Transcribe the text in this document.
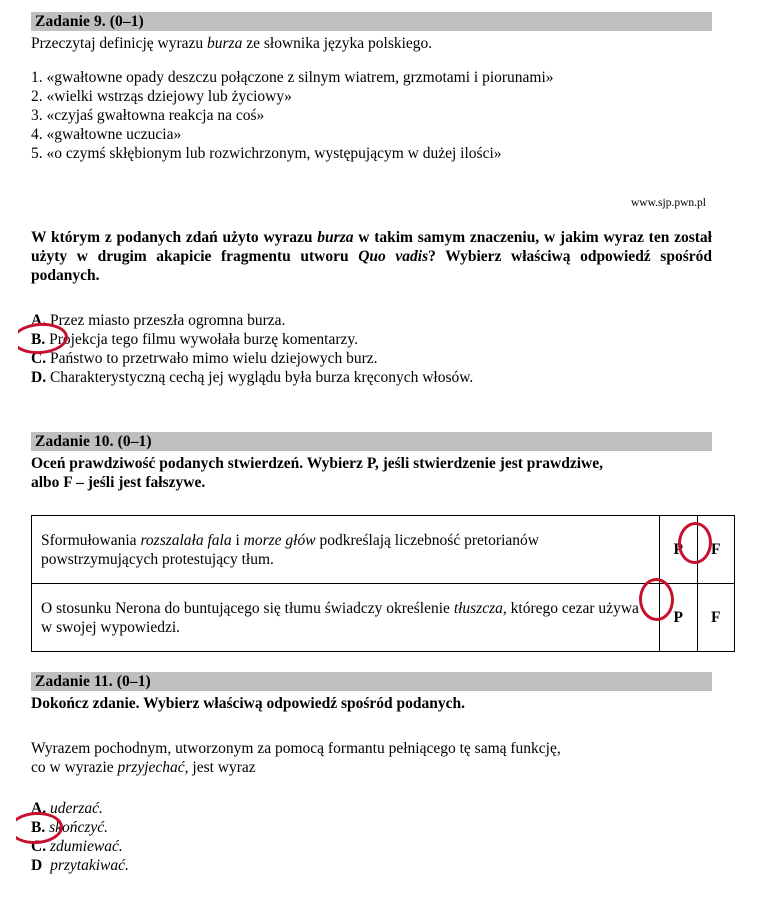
Zadanie 9. (0–1)
Przeczytaj definicję wyrazu burza ze słownika języka polskiego.
1. «gwałtowne opady deszczu połączone z silnym wiatrem, grzmotami i piorunami»
2. «wielki wstrząs dziejowy lub życiowy»
3. «czyjaś gwałtowna reakcja na coś»
4. «gwałtowne uczucia»
5. «o czymś skłębionym lub rozwichrzonym, występującym w dużej ilości»
www.sjp.pwn.pl
W którym z podanych zdań użyto wyrazu burza w takim samym znaczeniu, w jakim wyraz ten został użyty w drugim akapicie fragmentu utworu Quo vadis? Wybierz właściwą odpowiedź spośród podanych.
A. Przez miasto przeszła ogromna burza.
B. Projekcja tego filmu wywołała burzę komentarzy.
C. Państwo to przetrwało mimo wielu dziejowych burz.
D. Charakterystyczną cechą jej wyglądu była burza kręconych włosów.
Zadanie 10. (0–1)
Oceń prawdziwość podanych stwierdzeń. Wybierz P, jeśli stwierdzenie jest prawdziwe,
albo F – jeśli jest fałszywe.
Sformułowania rozszalała fala i morze głów podkreślają liczebność pretorianów powstrzymujących protestujący tłum.	P	F
O stosunku Nerona do buntującego się tłumu świadczy określenie tłuszcza, którego cezar używa w swojej wypowiedzi.	P	F
Zadanie 11. (0–1)
Dokończ zdanie. Wybierz właściwą odpowiedź spośród podanych.
Wyrazem pochodnym, utworzonym za pomocą formantu pełniącego tę samą funkcję,
co w wyrazie przyjechać, jest wyraz
A. uderzać.
B. skończyć.
C. zdumiewać.
D przytakiwać.
